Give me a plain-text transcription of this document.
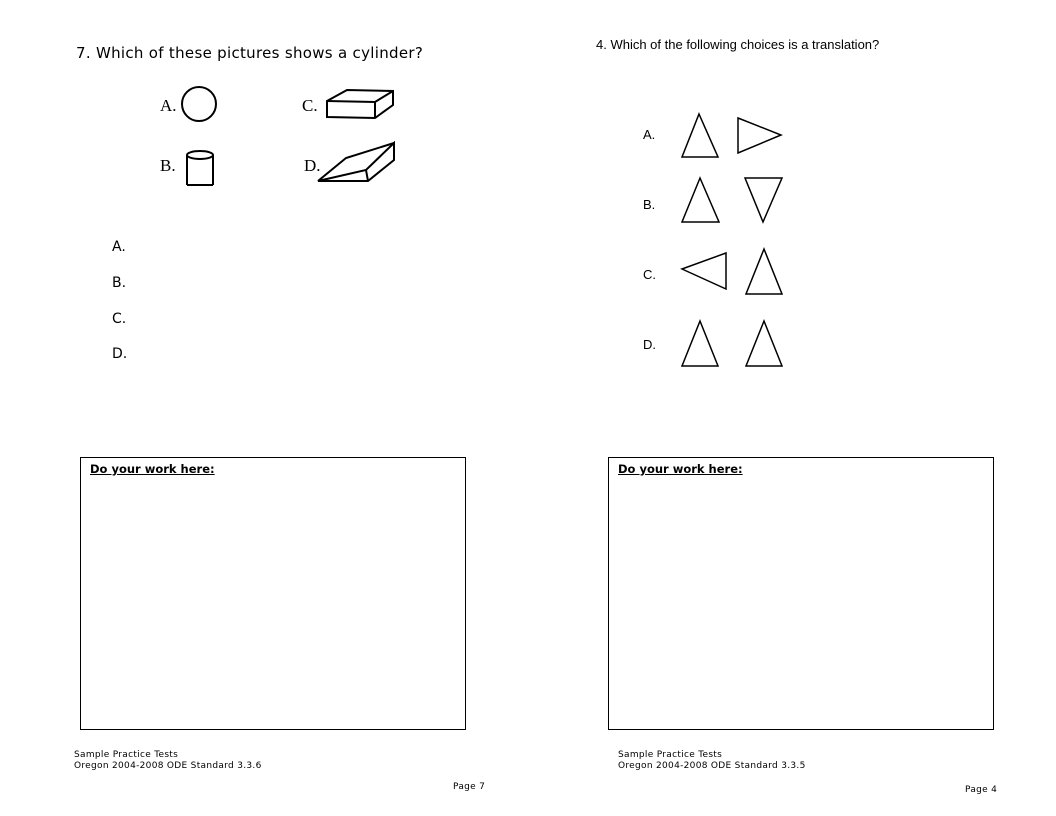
7. Which of these pictures shows a cylinder?
A.
B.
C.
D.
A.
B.
C.
D.
Do your work here:
Sample Practice Tests
Oregon 2004-2008 ODE Standard 3.3.6
Page 7
4. Which of the following choices is a translation?
A.
B.
C.
D.
Do your work here:
Sample Practice Tests
Oregon 2004-2008 ODE Standard 3.3.5
Page 4
